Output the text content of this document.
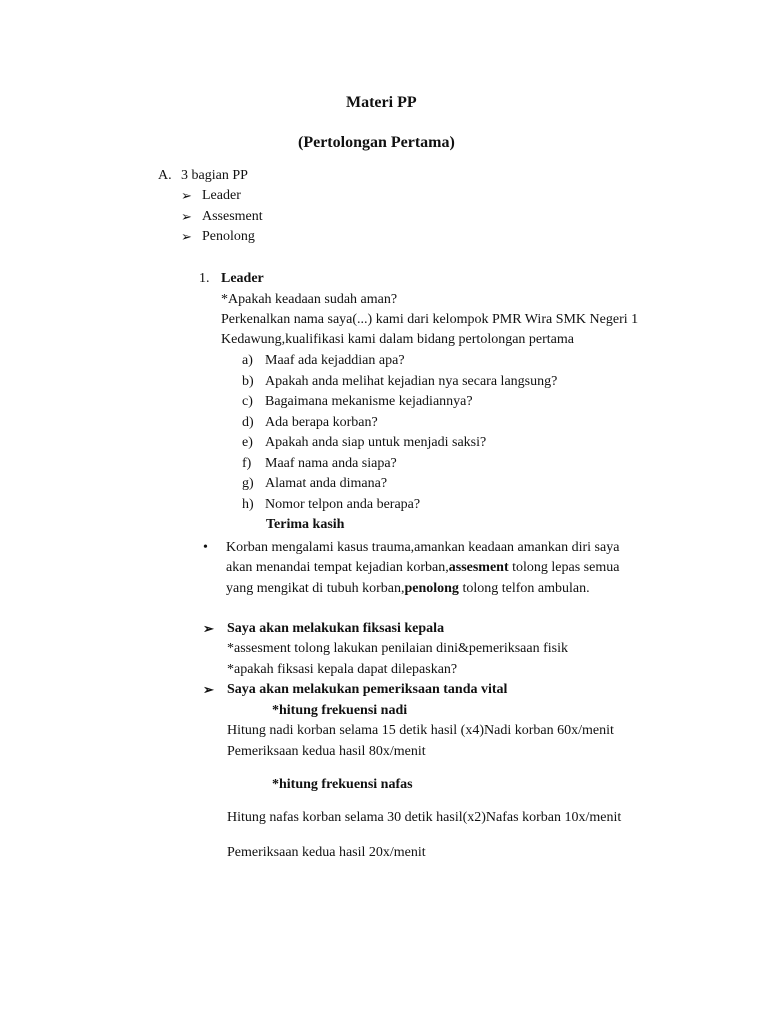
Materi PP
(Pertolongan Pertama)
A. 3 bagian PP
➢ Leader
➢ Assesment
➢ Penolong
1. Leader
*Apakah keadaan sudah aman?
Perkenalkan nama saya(...) kami dari kelompok PMR Wira SMK Negeri 1
Kedawung,kualifikasi kami dalam bidang pertolongan pertama
a) Maaf ada kejaddian apa?
b) Apakah anda melihat kejadian nya secara langsung?
c) Bagaimana mekanisme kejadiannya?
d) Ada berapa korban?
e) Apakah anda siap untuk menjadi saksi?
f) Maaf nama anda siapa?
g) Alamat anda dimana?
h) Nomor telpon anda berapa?
Terima kasih
• Korban mengalami kasus trauma,amankan keadaan amankan diri saya
akan menandai tempat kejadian korban,assesment tolong lepas semua
yang mengikat di tubuh korban,penolong tolong telfon ambulan.
➢ Saya akan melakukan fiksasi kepala
*assesment tolong lakukan penilaian dini&pemeriksaan fisik
*apakah fiksasi kepala dapat dilepaskan?
➢ Saya akan melakukan pemeriksaan tanda vital
*hitung frekuensi nadi
Hitung nadi korban selama 15 detik hasil (x4)Nadi korban 60x/menit
Pemeriksaan kedua hasil 80x/menit
*hitung frekuensi nafas
Hitung nafas korban selama 30 detik hasil(x2)Nafas korban 10x/menit
Pemeriksaan kedua hasil 20x/menit
